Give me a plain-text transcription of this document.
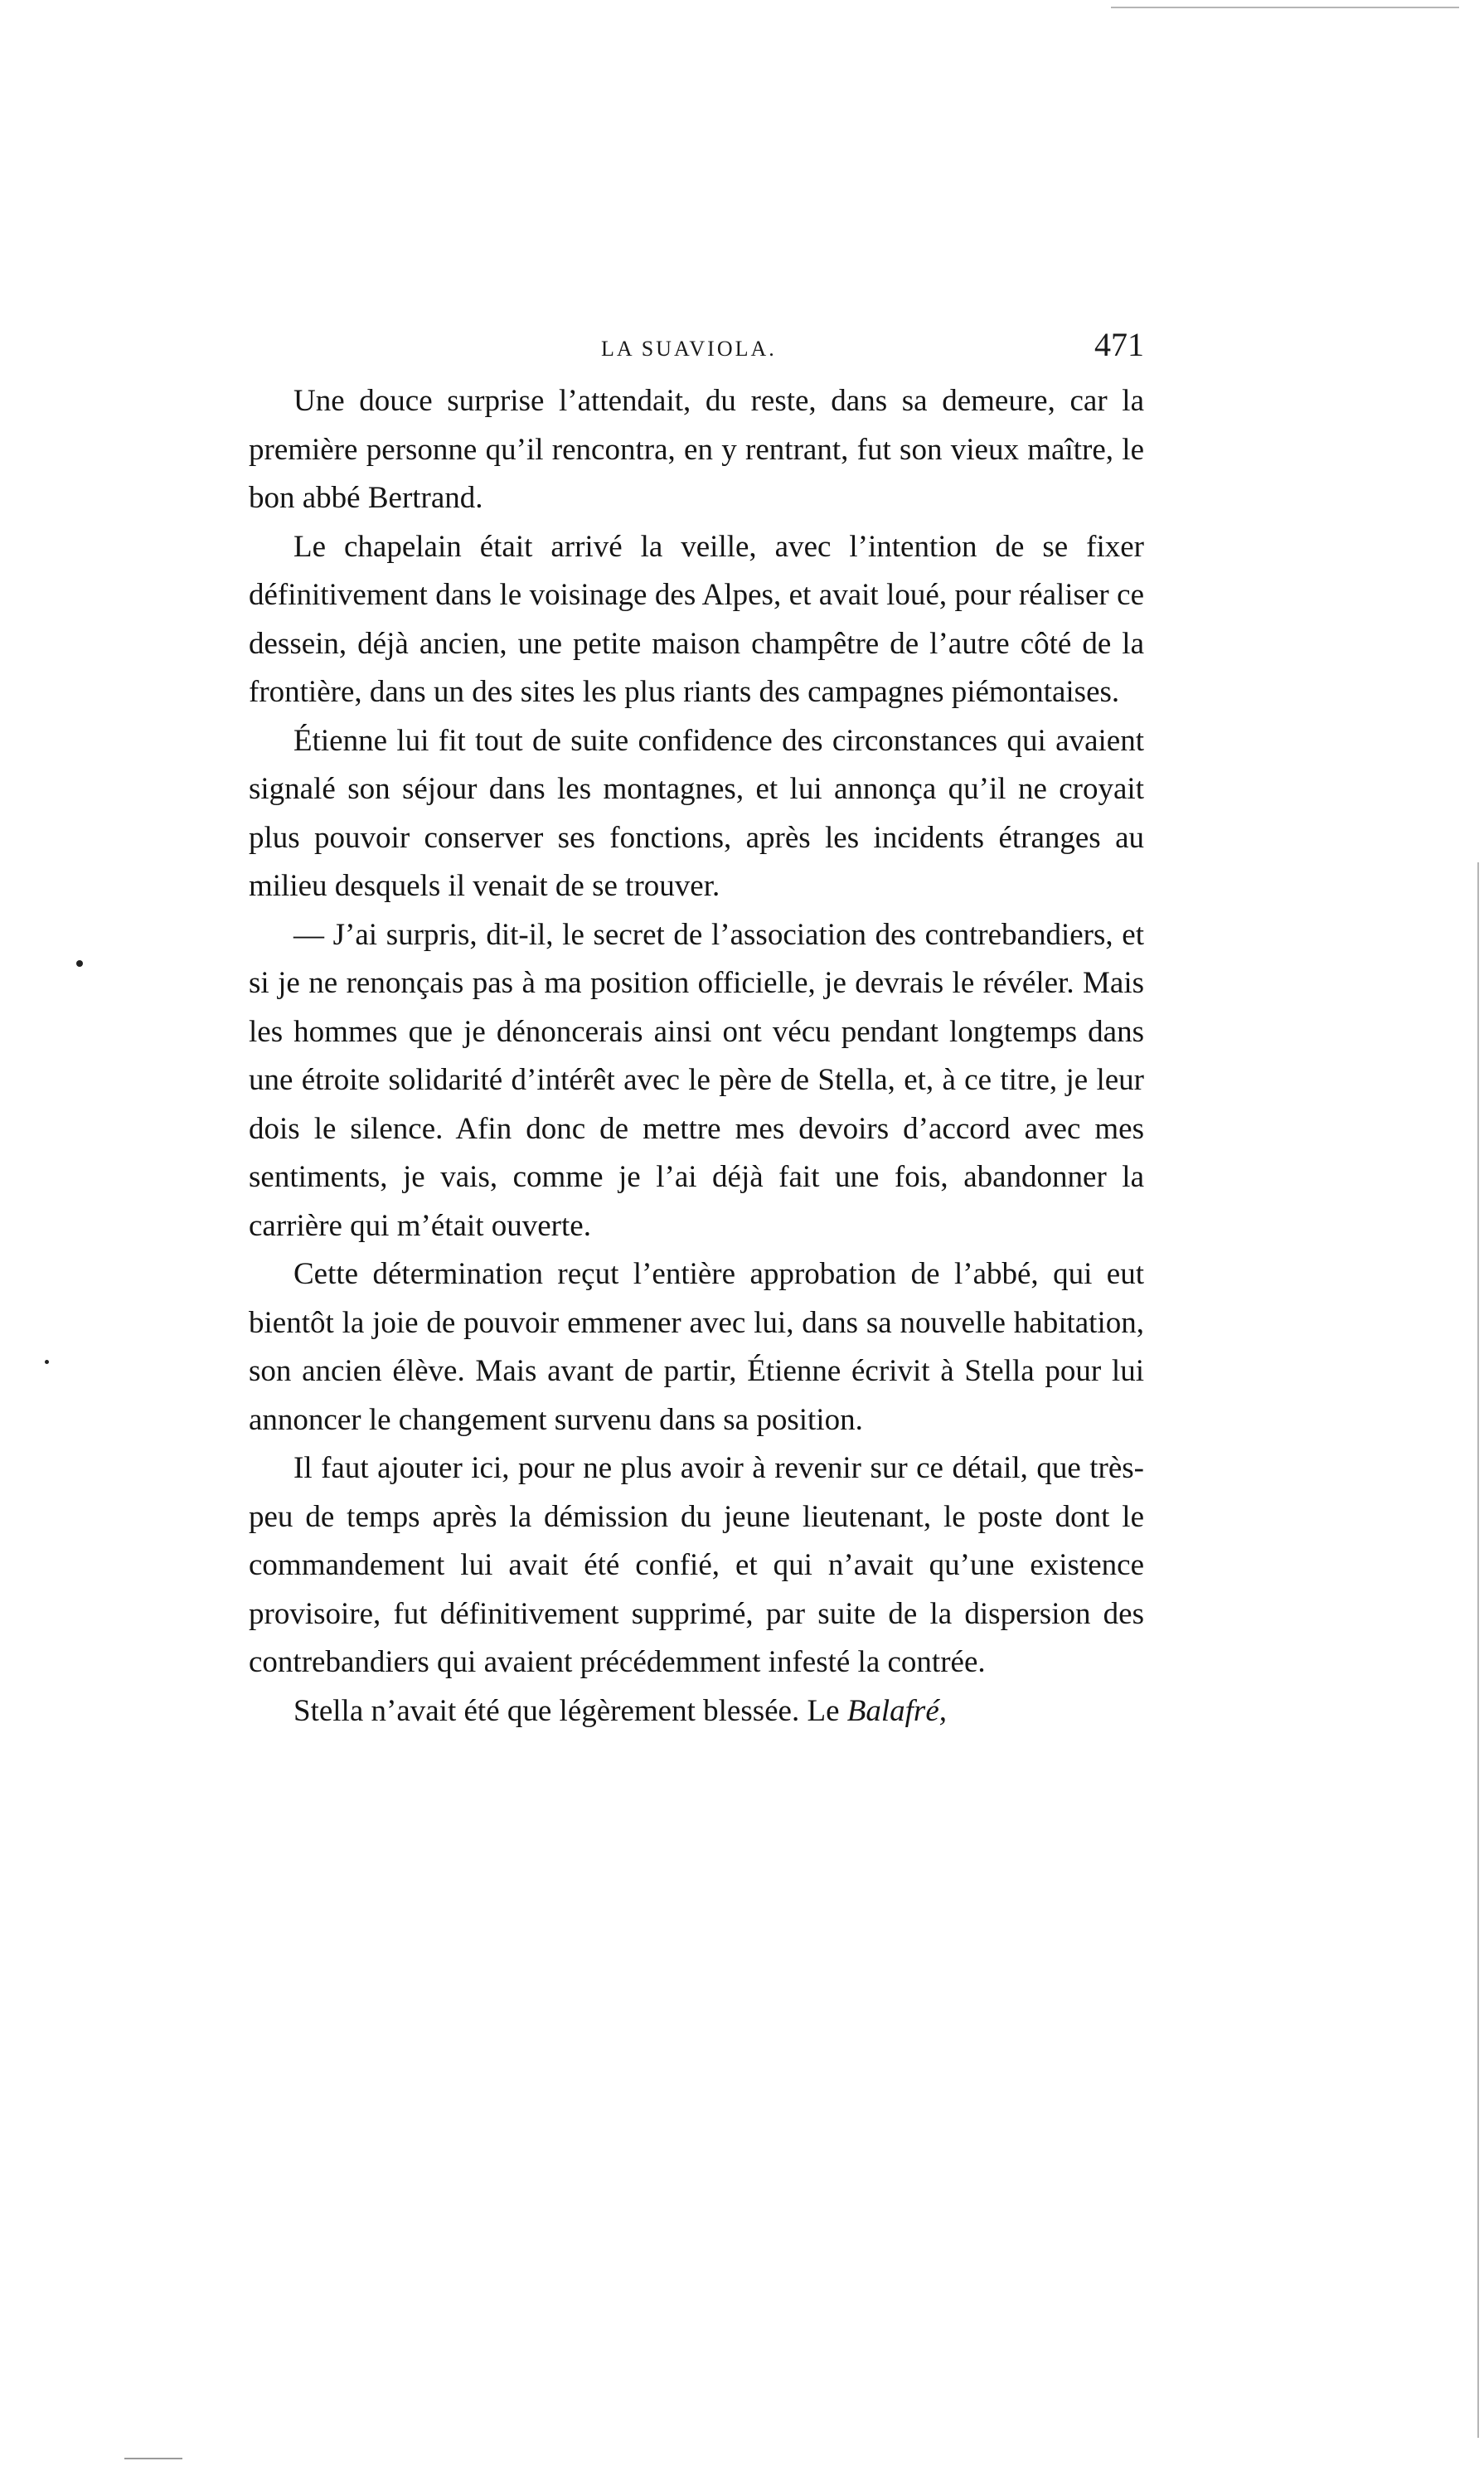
LA SUAVIOLA.	471

Une douce surprise l’attendait, du reste, dans sa demeure, car la première personne qu’il rencontra, en y rentrant, fut son vieux maître, le bon abbé Bertrand.

Le chapelain était arrivé la veille, avec l’intention de se fixer définitivement dans le voisinage des Alpes, et avait loué, pour réaliser ce dessein, déjà ancien, une petite maison champêtre de l’autre côté de la frontière, dans un des sites les plus riants des campagnes piémontaises.

Étienne lui fit tout de suite confidence des circonstances qui avaient signalé son séjour dans les montagnes, et lui annonça qu’il ne croyait plus pouvoir conserver ses fonctions, après les incidents étranges au milieu desquels il venait de se trouver.

— J’ai surpris, dit-il, le secret de l’association des contrebandiers, et si je ne renonçais pas à ma position officielle, je devrais le révéler. Mais les hommes que je dénoncerais ainsi ont vécu pendant longtemps dans une étroite solidarité d’intérêt avec le père de Stella, et, à ce titre, je leur dois le silence. Afin donc de mettre mes devoirs d’accord avec mes sentiments, je vais, comme je l’ai déjà fait une fois, abandonner la carrière qui m’était ouverte.

Cette détermination reçut l’entière approbation de l’abbé, qui eut bientôt la joie de pouvoir emmener avec lui, dans sa nouvelle habitation, son ancien élève. Mais avant de partir, Étienne écrivit à Stella pour lui annoncer le changement survenu dans sa position.

Il faut ajouter ici, pour ne plus avoir à revenir sur ce détail, que très-peu de temps après la démission du jeune lieutenant, le poste dont le commandement lui avait été confié, et qui n’avait qu’une existence provisoire, fut définitivement supprimé, par suite de la dispersion des contrebandiers qui avaient précédemment infesté la contrée.

Stella n’avait été que légèrement blessée. Le Balafré,
